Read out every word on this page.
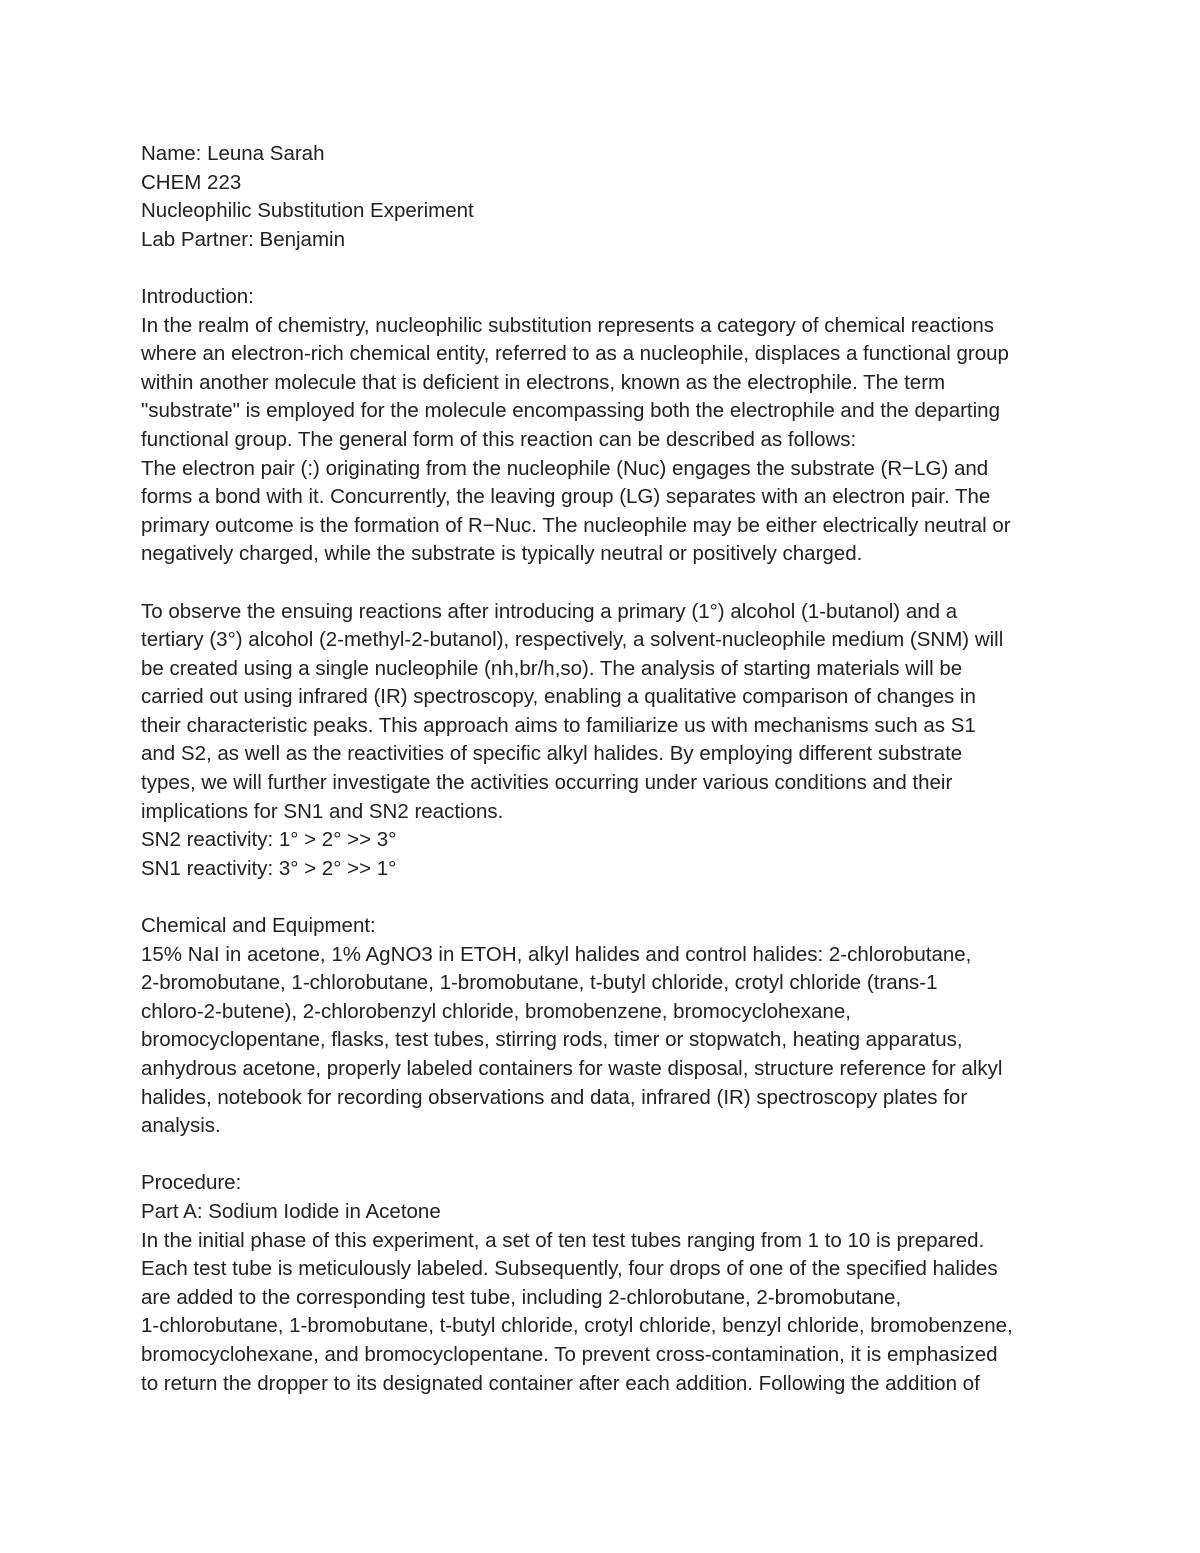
Name: Leuna Sarah
CHEM 223
Nucleophilic Substitution Experiment
Lab Partner: Benjamin
Introduction:
In the realm of chemistry, nucleophilic substitution represents a category of chemical reactions
where an electron-rich chemical entity, referred to as a nucleophile, displaces a functional group
within another molecule that is deficient in electrons, known as the electrophile. The term
"substrate" is employed for the molecule encompassing both the electrophile and the departing
functional group. The general form of this reaction can be described as follows:
The electron pair (:) originating from the nucleophile (Nuc) engages the substrate (R−LG) and
forms a bond with it. Concurrently, the leaving group (LG) separates with an electron pair. The
primary outcome is the formation of R−Nuc. The nucleophile may be either electrically neutral or
negatively charged, while the substrate is typically neutral or positively charged.
To observe the ensuing reactions after introducing a primary (1°) alcohol (1-butanol) and a
tertiary (3°) alcohol (2-methyl-2-butanol), respectively, a solvent-nucleophile medium (SNM) will
be created using a single nucleophile (nh,br/h,so). The analysis of starting materials will be
carried out using infrared (IR) spectroscopy, enabling a qualitative comparison of changes in
their characteristic peaks. This approach aims to familiarize us with mechanisms such as S1
and S2, as well as the reactivities of specific alkyl halides. By employing different substrate
types, we will further investigate the activities occurring under various conditions and their
implications for SN1 and SN2 reactions.
SN2 reactivity: 1° > 2° >> 3°
SN1 reactivity: 3° > 2° >> 1°
Chemical and Equipment:
15% NaI in acetone, 1% AgNO3 in ETOH, alkyl halides and control halides: 2-chlorobutane,
2-bromobutane, 1-chlorobutane, 1-bromobutane, t-butyl chloride, crotyl chloride (trans-1
chloro-2-butene), 2-chlorobenzyl chloride, bromobenzene, bromocyclohexane,
bromocyclopentane, flasks, test tubes, stirring rods, timer or stopwatch, heating apparatus,
anhydrous acetone, properly labeled containers for waste disposal, structure reference for alkyl
halides, notebook for recording observations and data, infrared (IR) spectroscopy plates for
analysis.
Procedure:
Part A: Sodium Iodide in Acetone
In the initial phase of this experiment, a set of ten test tubes ranging from 1 to 10 is prepared.
Each test tube is meticulously labeled. Subsequently, four drops of one of the specified halides
are added to the corresponding test tube, including 2-chlorobutane, 2-bromobutane,
1-chlorobutane, 1-bromobutane, t-butyl chloride, crotyl chloride, benzyl chloride, bromobenzene,
bromocyclohexane, and bromocyclopentane. To prevent cross-contamination, it is emphasized
to return the dropper to its designated container after each addition. Following the addition of
